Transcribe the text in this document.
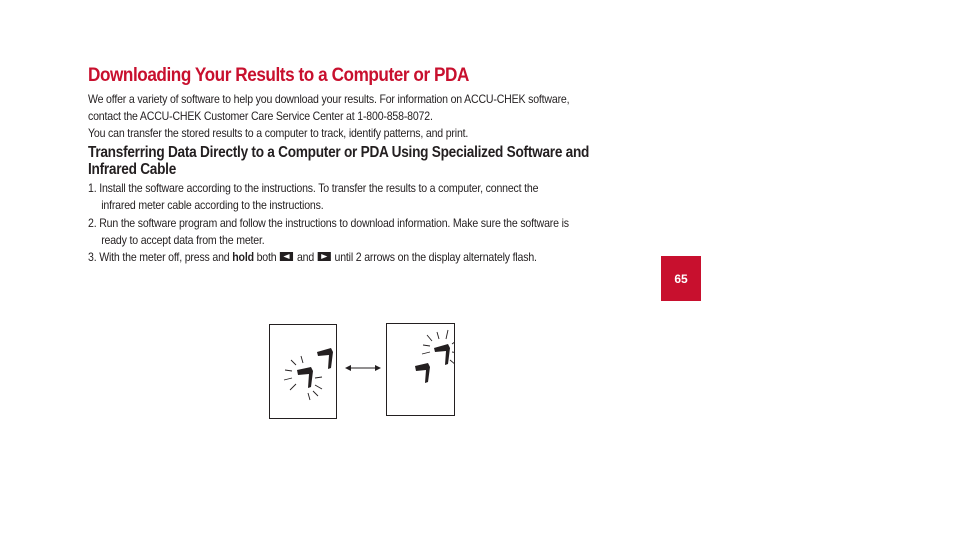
Downloading Your Results to a Computer or PDA

We offer a variety of software to help you download your results. For information on ACCU-CHEK software,
contact the ACCU-CHEK Customer Care Service Center at 1-800-858-8072.

You can transfer the stored results to a computer to track, identify patterns, and print.

Transferring Data Directly to a Computer or PDA Using Specialized Software and
Infrared Cable

1. Install the software according to the instructions. To transfer the results to a computer, connect the
infrared meter cable according to the instructions.

2. Run the software program and follow the instructions to download information. Make sure the software is
ready to accept data from the meter.

3. With the meter off, press and hold both  and  until 2 arrows on the display alternately flash.

65
